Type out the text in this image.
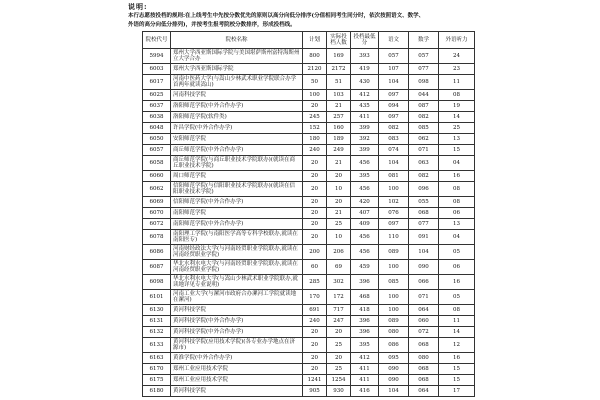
说明:
本行志愿按投档的规则:在上线考生中先按分数优先的原则以高分向低分排序(分值相同考生同分时，依次按照语文、数学、
外语的高分向低分排列)，并按考生报考院校分数排序，形成投档线。
院校代号	院校名称	计划	实际投档人数	投档最低分	语文	数学	外语听力
5994	郑州大学西亚斯国际学院与美国堪萨斯州富特海斯州立大学合办	800	169	393	057	057	24
6003	郑州大学西亚斯国际学院	2120	2172	419	107	077	23
6017	河南中医药大学(与嵩山少林武术职业学院联合办学首两年就读嵩山)	50	51	430	104	098	11
6025	河南科技学院	100	103	412	097	044	08
6037	洛阳师范学院(中外合作办学)	20	21	435	094	087	19
6038	洛阳师范学院(软件类)	245	257	411	097	082	14
6048	许昌学院(中外合作办学)	152	160	399	082	085	25
6050	安阳师范学院	180	189	392	083	062	13
6057	商丘师范学院(中外合作办学)	240	249	399	074	071	15
6058	商丘师范学院(与商丘职业技术学院联办)(就读在商丘职业技术学院)	20	21	456	104	063	04
6060	周口师范学院	20	20	395	081	082	16
6062	信阳师范学院(与信阳职业技术学院联办)(就读在信阳职业技术学院)	20	10	456	100	096	08
6069	信阳师范学院(中外合作办学)	20	20	420	102	055	08
6070	南阳师范学院	20	21	407	076	068	06
6072	南阳师范学院(中外合作办学)	20	25	409	097	077	13
6078	南阳理工学院(与南阳医学高等专科学校联办,就读在南阳医专)	20	10	456	110	091	04
6086	河南财经政法大学(与河南经贸职业学院联办,就读在河南经贸职业学院)	200	206	456	089	104	05
6087	华北水利水电大学(与河南经贸职业学院联办,就读在河南经贸职业学院)	60	69	459	100	090	06
6098	华北水利水电大学(与嵩山少林武术职业学院联办,就读地详见专业说明)	285	302	396	085	066	16
6101	河南工业大学(与漯河市政府合办漯河工学院就读地在漯河)	170	172	468	100	071	05
6130	黄河科技学院	691	717	418	100	064	08
6131	黄河科技学院(中外合作办学)	240	247	396	089	060	11
6132	黄河科技学院(中外合作办学)	20	20	396	080	072	14
6133	黄河科技学院(应用技术学院)(各专业办学地点在济源市)	20	25	395	086	068	12
6163	黄淮学院(中外合作办学)	20	20	412	095	080	16
6170	郑州工业应用技术学院	20	25	411	090	068	15
6175	郑州工业应用技术学院	1241	1254	411	090	068	15
6180	黄河科技学院	905	930	416	104	064	17
